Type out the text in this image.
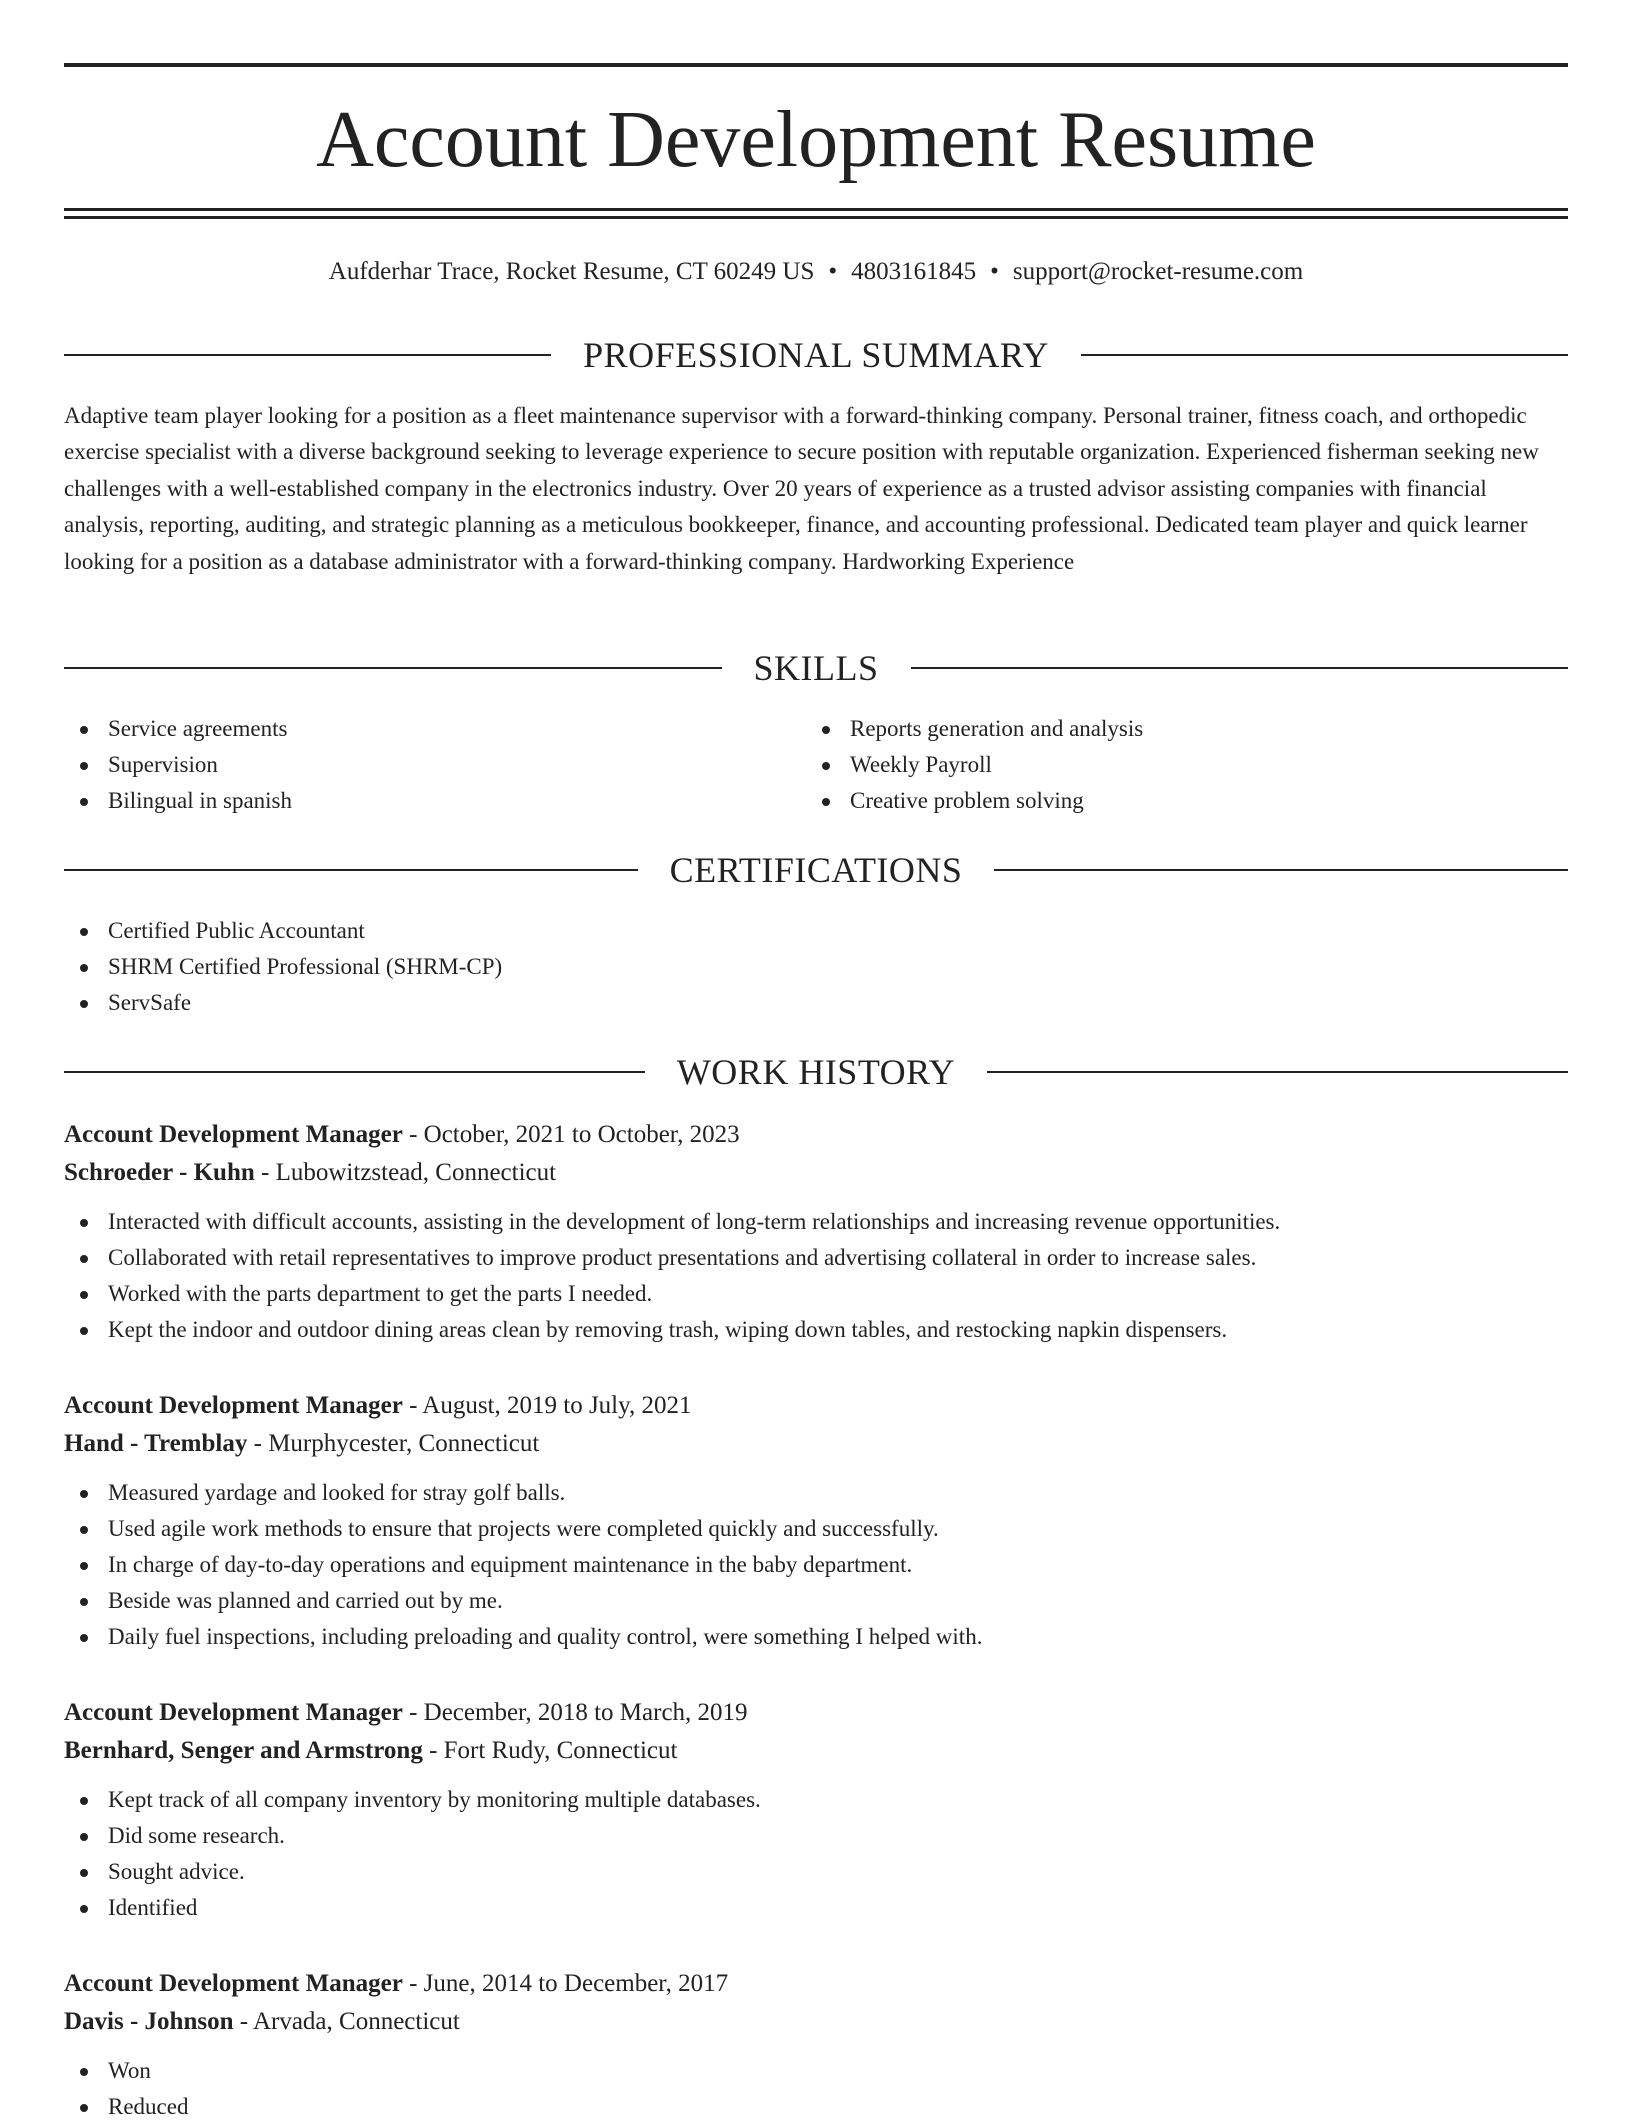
Account Development Resume
Aufderhar Trace, Rocket Resume, CT 60249 US • 4803161845 • support@rocket-resume.com
PROFESSIONAL SUMMARY

Adaptive team player looking for a position as a fleet maintenance supervisor with a forward-thinking company. Personal trainer, fitness coach, and orthopedic exercise specialist with a diverse background seeking to leverage experience to secure position with reputable organization. Experienced fisherman seeking new challenges with a well-established company in the electronics industry. Over 20 years of experience as a trusted advisor assisting companies with financial analysis, reporting, auditing, and strategic planning as a meticulous bookkeeper, finance, and accounting professional. Dedicated team player and quick learner looking for a position as a database administrator with a forward-thinking company. Hardworking Experience

SKILLS
Service agreements
Supervision
Bilingual in spanish
Reports generation and analysis
Weekly Payroll
Creative problem solving
CERTIFICATIONS
Certified Public Accountant
SHRM Certified Professional (SHRM-CP)
ServSafe
WORK HISTORY
Account Development Manager - October, 2021 to October, 2023
Schroeder - Kuhn - Lubowitzstead, Connecticut
Interacted with difficult accounts, assisting in the development of long-term relationships and increasing revenue opportunities.
Collaborated with retail representatives to improve product presentations and advertising collateral in order to increase sales.
Worked with the parts department to get the parts I needed.
Kept the indoor and outdoor dining areas clean by removing trash, wiping down tables, and restocking napkin dispensers.
Account Development Manager - August, 2019 to July, 2021
Hand - Tremblay - Murphycester, Connecticut
Measured yardage and looked for stray golf balls.
Used agile work methods to ensure that projects were completed quickly and successfully.
In charge of day-to-day operations and equipment maintenance in the baby department.
Beside was planned and carried out by me.
Daily fuel inspections, including preloading and quality control, were something I helped with.
Account Development Manager - December, 2018 to March, 2019
Bernhard, Senger and Armstrong - Fort Rudy, Connecticut
Kept track of all company inventory by monitoring multiple databases.
Did some research.
Sought advice.
Identified
Account Development Manager - June, 2014 to December, 2017
Davis - Johnson - Arvada, Connecticut
Won
Reduced
